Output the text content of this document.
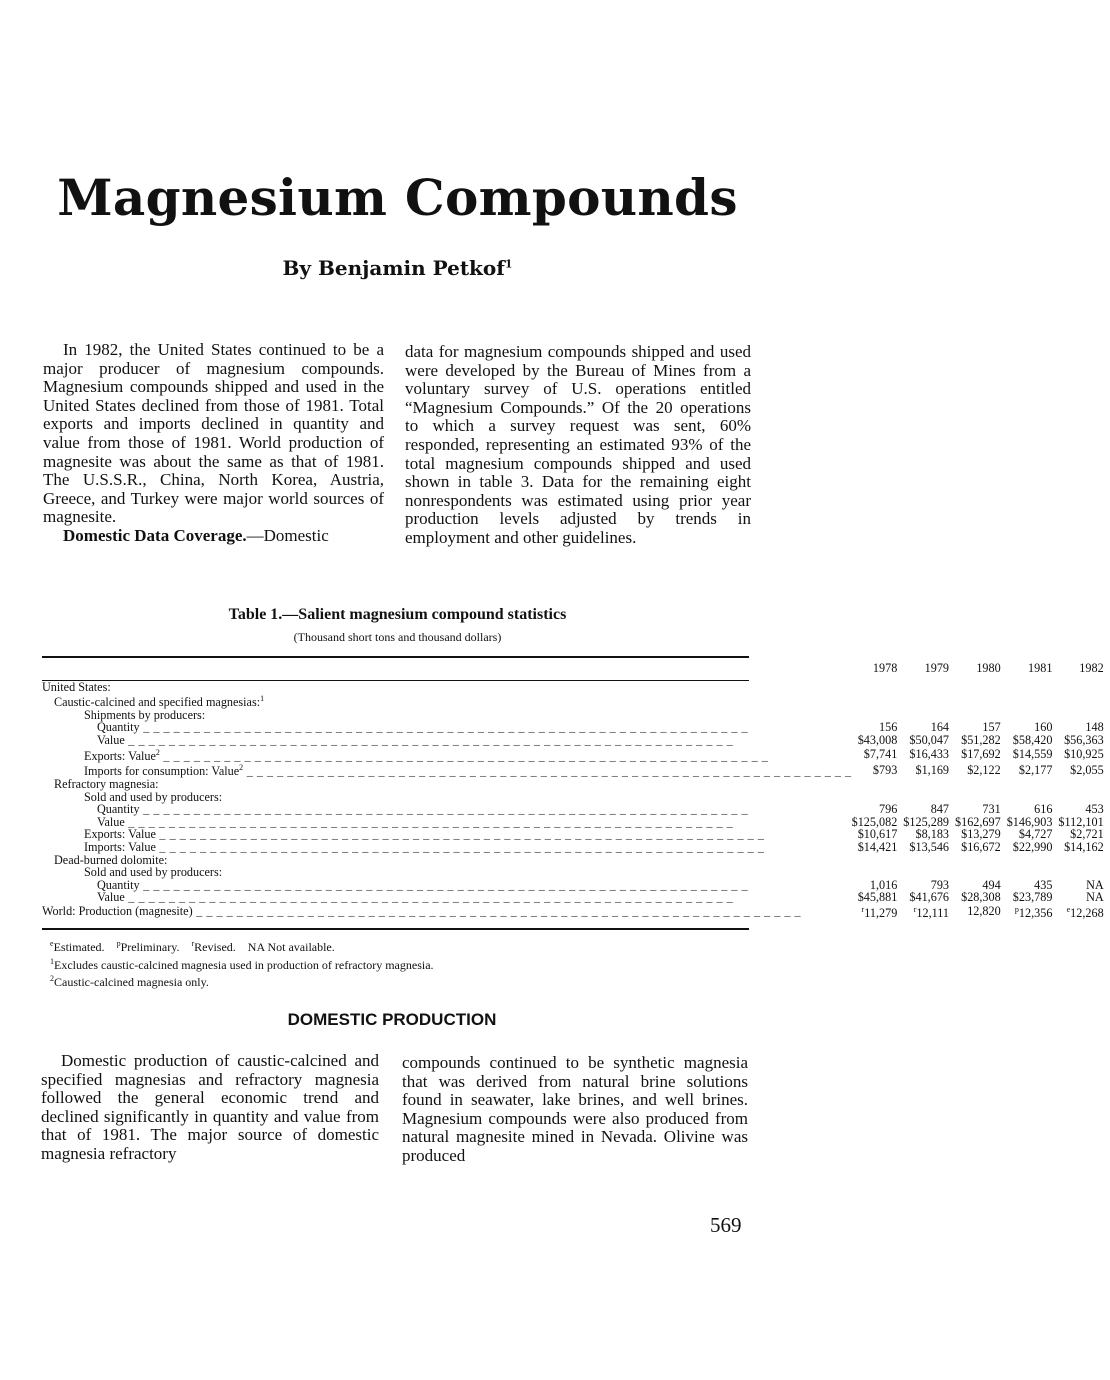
Magnesium Compounds
By Benjamin Petkof$^1$

In 1982, the United States continued to be a major producer of magnesium compounds. Magnesium compounds shipped and used in the United States declined from those of 1981. Total exports and imports declined in quantity and value from those of 1981. World production of magnesite was about the same as that of 1981. The U.S.S.R., China, North Korea, Austria, Greece, and Turkey were major world sources of magnesite.

Domestic Data Coverage.—Domestic

data for magnesium compounds shipped and used were developed by the Bureau of Mines from a voluntary survey of U.S. operations entitled “Magnesium Compounds.” Of the 20 operations to which a survey request was sent, 60% responded, representing an estimated 93% of the total magnesium compounds shipped and used shown in table 3. Data for the remaining eight nonrespondents was estimated using prior year production levels adjusted by trends in employment and other guidelines.

Table 1.—Salient magnesium compound statistics
(Thousand short tons and thousand dollars)
	1978	1979	1980	1981	1982
United States:					
Caustic-calcined and specified magnesias:$^1$					
Shipments by producers:					
Quantity _ _ _ _ _ _ _ _ _ _ _ _ _ _ _ _ _ _ _ _ _ _ _ _ _ _ _ _ _ _ _ _ _ _ _ _ _ _ _ _ _ _ _ _ _ _ _ _ _ _ _ _ _ _ _ _ _ _ _ _	156	164	157	160	148
Value _ _ _ _ _ _ _ _ _ _ _ _ _ _ _ _ _ _ _ _ _ _ _ _ _ _ _ _ _ _ _ _ _ _ _ _ _ _ _ _ _ _ _ _ _ _ _ _ _ _ _ _ _ _ _ _ _ _ _ _	$43,008	$50,047	$51,282	$58,420	$56,363
Exports: Value$^2$ _ _ _ _ _ _ _ _ _ _ _ _ _ _ _ _ _ _ _ _ _ _ _ _ _ _ _ _ _ _ _ _ _ _ _ _ _ _ _ _ _ _ _ _ _ _ _ _ _ _ _ _ _ _ _ _ _ _ _ _	$7,741	$16,433	$17,692	$14,559	$10,925
Imports for consumption: Value$^2$ _ _ _ _ _ _ _ _ _ _ _ _ _ _ _ _ _ _ _ _ _ _ _ _ _ _ _ _ _ _ _ _ _ _ _ _ _ _ _ _ _ _ _ _ _ _ _ _ _ _ _ _ _ _ _ _ _ _ _ _	$793	$1,169	$2,122	$2,177	$2,055
Refractory magnesia:					
Sold and used by producers:					
Quantity _ _ _ _ _ _ _ _ _ _ _ _ _ _ _ _ _ _ _ _ _ _ _ _ _ _ _ _ _ _ _ _ _ _ _ _ _ _ _ _ _ _ _ _ _ _ _ _ _ _ _ _ _ _ _ _ _ _ _ _	796	847	731	616	453
Value _ _ _ _ _ _ _ _ _ _ _ _ _ _ _ _ _ _ _ _ _ _ _ _ _ _ _ _ _ _ _ _ _ _ _ _ _ _ _ _ _ _ _ _ _ _ _ _ _ _ _ _ _ _ _ _ _ _ _ _	$125,082	$125,289	$162,697	$146,903	$112,101
Exports: Value _ _ _ _ _ _ _ _ _ _ _ _ _ _ _ _ _ _ _ _ _ _ _ _ _ _ _ _ _ _ _ _ _ _ _ _ _ _ _ _ _ _ _ _ _ _ _ _ _ _ _ _ _ _ _ _ _ _ _ _	$10,617	$8,183	$13,279	$4,727	$2,721
Imports: Value _ _ _ _ _ _ _ _ _ _ _ _ _ _ _ _ _ _ _ _ _ _ _ _ _ _ _ _ _ _ _ _ _ _ _ _ _ _ _ _ _ _ _ _ _ _ _ _ _ _ _ _ _ _ _ _ _ _ _ _	$14,421	$13,546	$16,672	$22,990	$14,162
Dead-burned dolomite:					
Sold and used by producers:					
Quantity _ _ _ _ _ _ _ _ _ _ _ _ _ _ _ _ _ _ _ _ _ _ _ _ _ _ _ _ _ _ _ _ _ _ _ _ _ _ _ _ _ _ _ _ _ _ _ _ _ _ _ _ _ _ _ _ _ _ _ _	1,016	793	494	435	NA
Value _ _ _ _ _ _ _ _ _ _ _ _ _ _ _ _ _ _ _ _ _ _ _ _ _ _ _ _ _ _ _ _ _ _ _ _ _ _ _ _ _ _ _ _ _ _ _ _ _ _ _ _ _ _ _ _ _ _ _ _	$45,881	$41,676	$28,308	$23,789	NA
World: Production (magnesite) _ _ _ _ _ _ _ _ _ _ _ _ _ _ _ _ _ _ _ _ _ _ _ _ _ _ _ _ _ _ _ _ _ _ _ _ _ _ _ _ _ _ _ _ _ _ _ _ _ _ _ _ _ _ _ _ _ _ _ _	$^r$11,279	$^r$12,111	12,820	$^p$12,356	$^e$12,268
$^e$Estimated. $^p$Preliminary. $^r$Revised. NA Not available.
$^1$Excludes caustic-calcined magnesia used in production of refractory magnesia.
$^2$Caustic-calcined magnesia only.
DOMESTIC PRODUCTION

Domestic production of caustic-calcined and specified magnesias and refractory magnesia followed the general economic trend and declined significantly in quantity and value from that of 1981. The major source of domestic magnesia refractory

compounds continued to be synthetic magnesia that was derived from natural brine solutions found in seawater, lake brines, and well brines. Magnesium compounds were also produced from natural magnesite mined in Nevada. Olivine was produced

569
